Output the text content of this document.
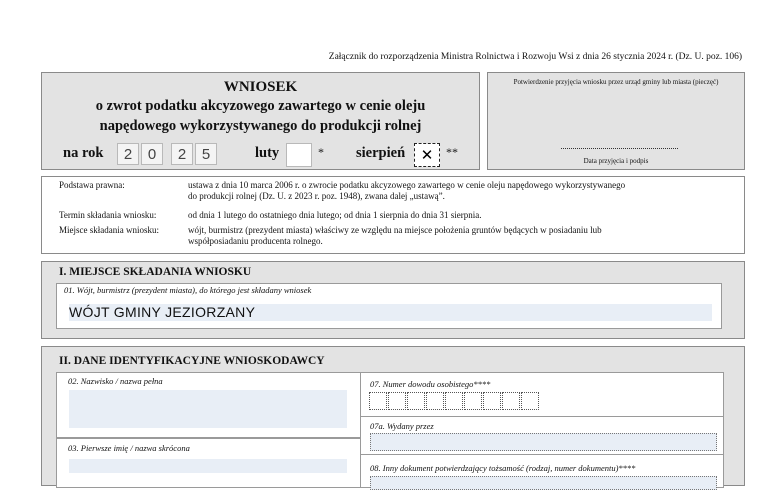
Załącznik do rozporządzenia Ministra Rolnictwa i Rozwoju Wsi z dnia 26 stycznia 2024 r. (Dz. U. poz. 106)
WNIOSEK
o zwrot podatku akcyzowego zawartego w cenie oleju
napędowego wykorzystywanego do produkcji rolnej
na rok	2	0	2	5	luty	* sierpień	✕	**
Potwierdzenie przyjęcia wniosku przez urząd gminy lub miasta (pieczęć)
Data przyjęcia i podpis
Podstawa prawna:	ustawa z dnia 10 marca 2006 r. o zwrocie podatku akcyzowego zawartego w cenie oleju napędowego wykorzystywanego
do produkcji rolnej (Dz. U. z 2023 r. poz. 1948), zwana dalej „ustawą”.
Termin składania wniosku:	od dnia 1 lutego do ostatniego dnia lutego; od dnia 1 sierpnia do dnia 31 sierpnia.
Miejsce składania wniosku:	wójt, burmistrz (prezydent miasta) właściwy ze względu na miejsce położenia gruntów będących w posiadaniu lub
współposiadaniu producenta rolnego.
I. MIEJSCE SKŁADANIA WNIOSKU
01. Wójt, burmistrz (prezydent miasta), do którego jest składany wniosek
WÓJT GMINY JEZIORZANY
II. DANE IDENTYFIKACYJNE WNIOSKODAWCY
02. Nazwisko / nazwa pełna
03. Pierwsze imię / nazwa skrócona
07. Numer dowodu osobistego****
07a. Wydany przez
08. Inny dokument potwierdzający tożsamość (rodzaj, numer dokumentu)****
